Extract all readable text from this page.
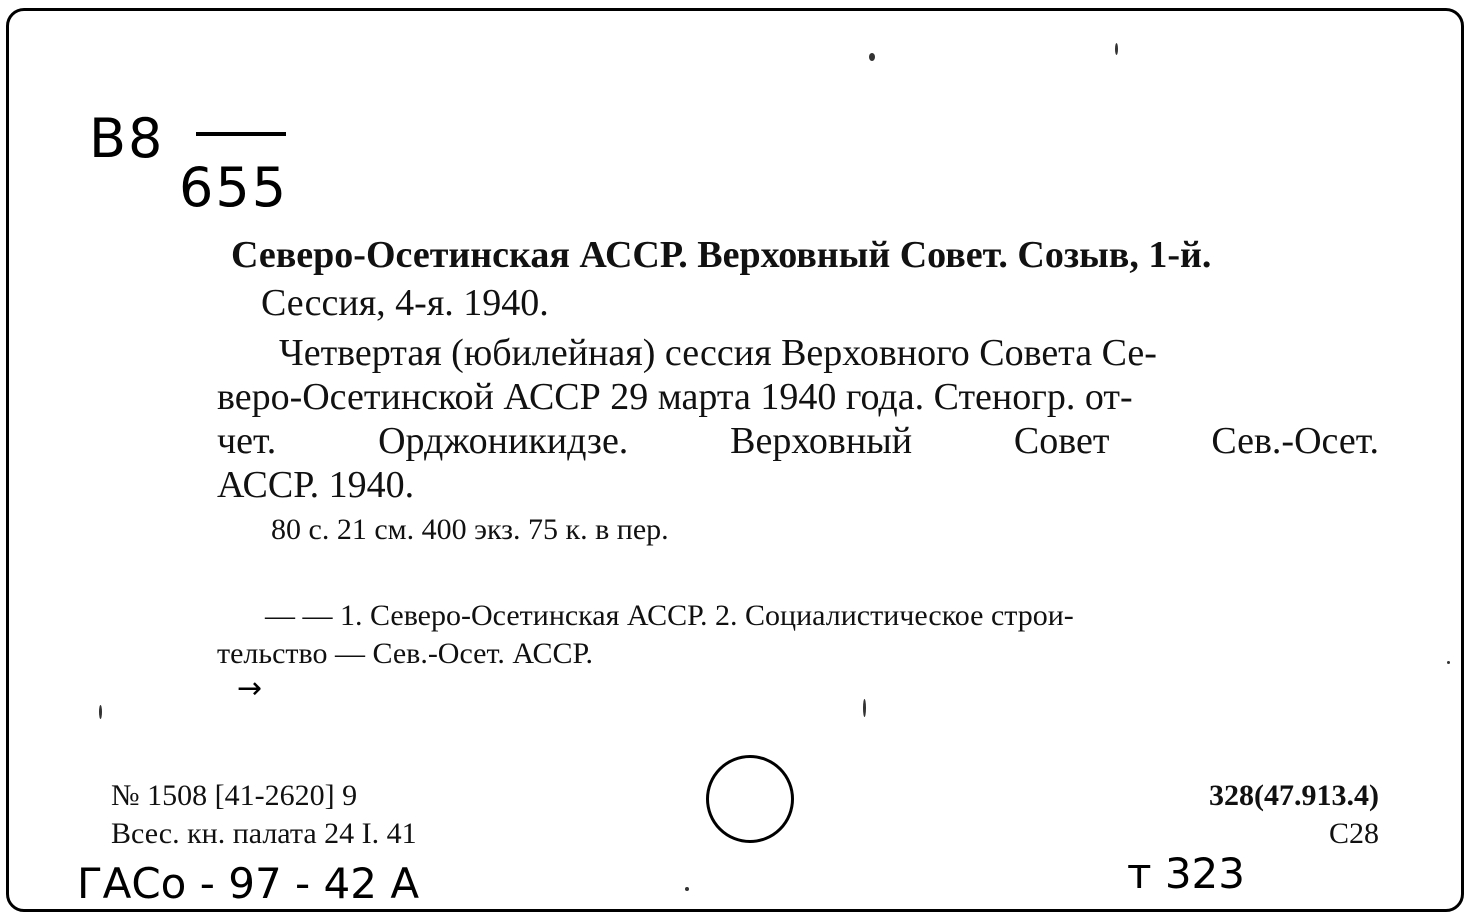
B8
655
Северо-Осетинская АССР. Верховный Совет. Созыв, 1-й.
Сессия, 4-я. 1940.
Четвертая (юбилейная) сессия Верховного Совета Се-
веро-Осетинской АССР 29 марта 1940 года. Стеногр. от-
чет.	Орджоникидзе.	Верховный	Совет	Сев.-Осет.
АССР. 1940.
80 с. 21 см. 400 экз. 75 к. в пер.
— — 1. Северо-Осетинская АССР. 2. Социалистическое строи-
тельство — Сев.-Осет. АССР.
→
№ 1508 [41-2620] 9
Всес. кн. палата 24 I. 41
328(47.913.4)
С28
ГАСо - 97 - 42 А	т 323
